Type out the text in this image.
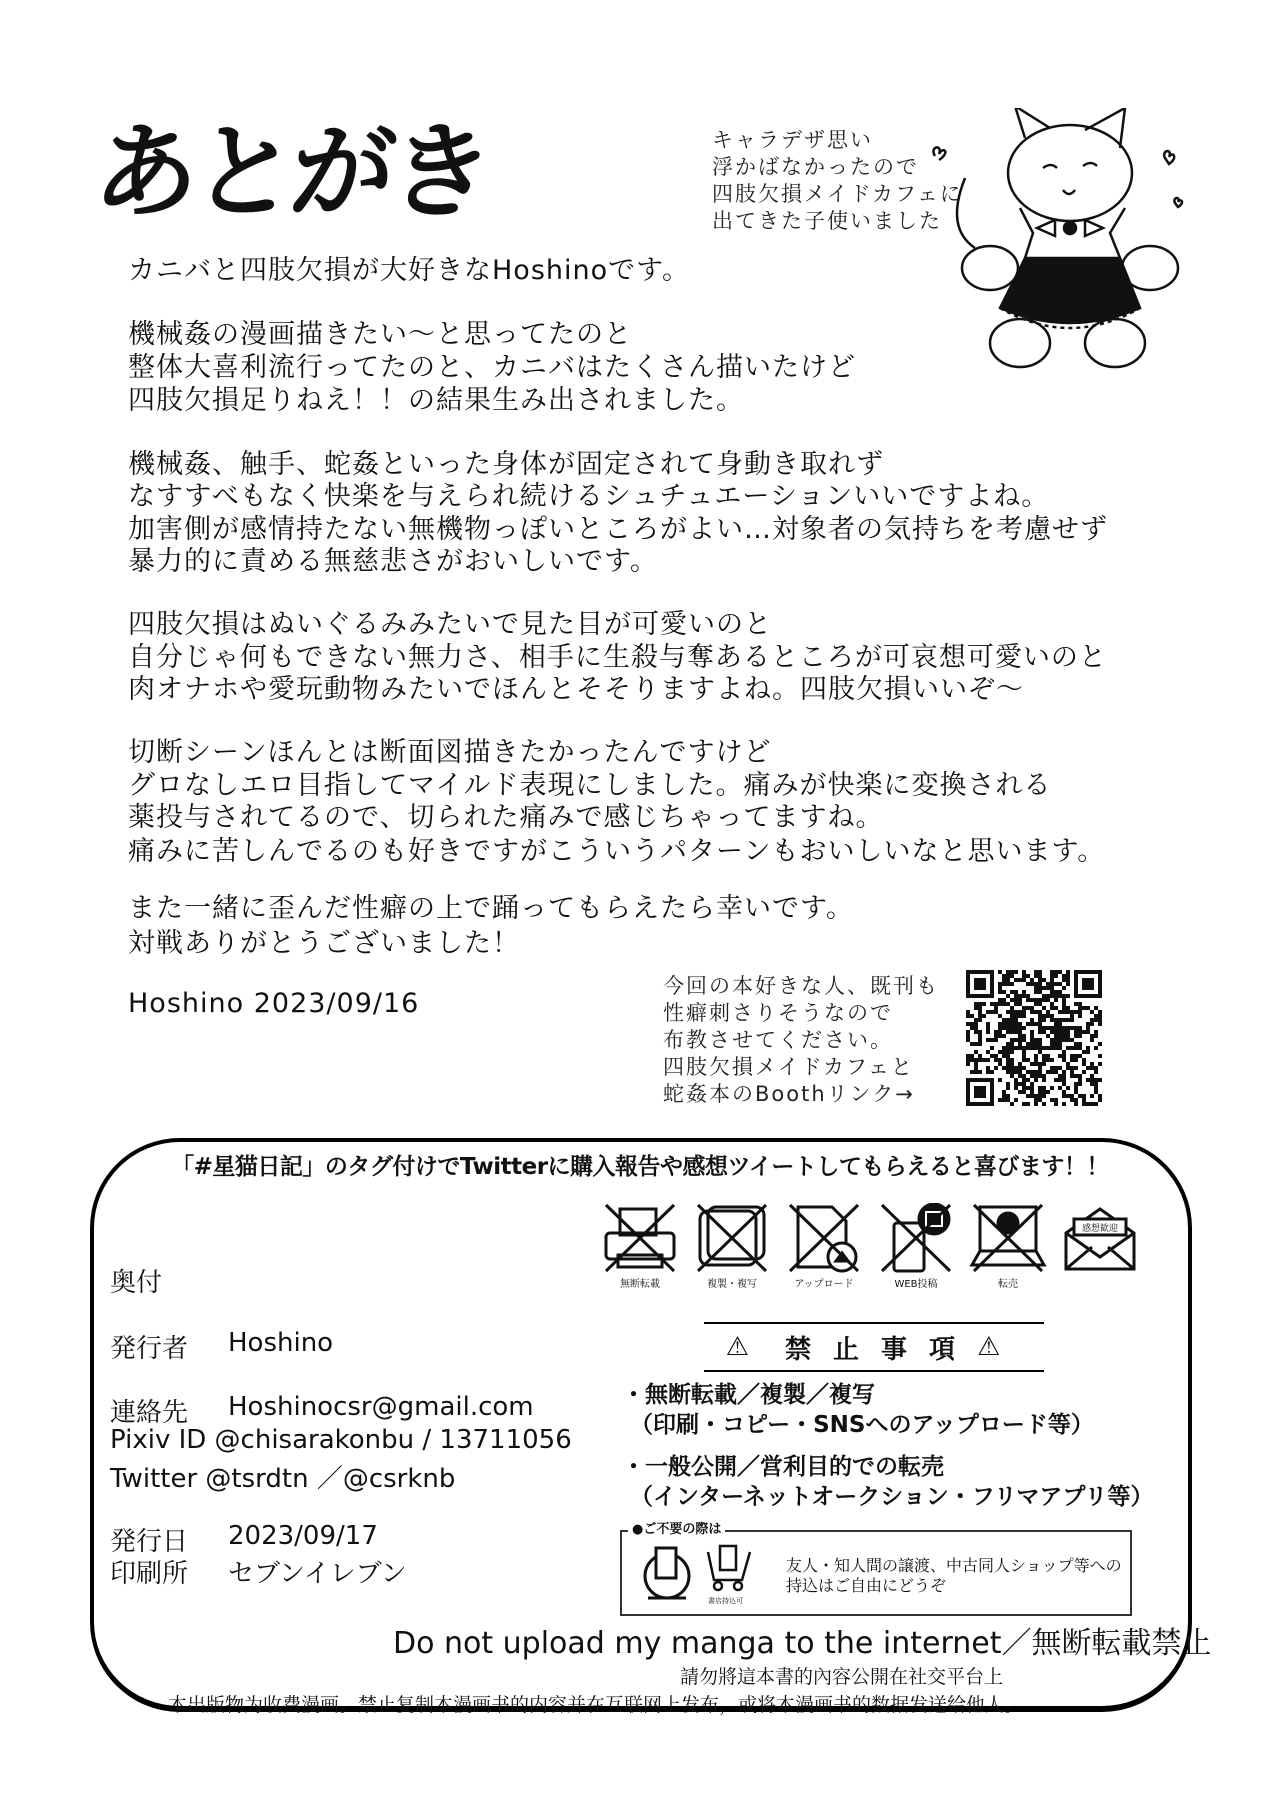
あとがき	キャラデザ思い
浮かばなかったので
四肢欠損メイドカフェに
出てきた子使いました
カニバと四肢欠損が大好きなHoshinoです。
機械姦の漫画描きたい〜と思ってたのと
整体大喜利流行ってたのと、カニバはたくさん描いたけど
四肢欠損足りねえ！！の結果生み出されました。
機械姦、触手、蛇姦といった身体が固定されて身動き取れず
なすすべもなく快楽を与えられ続けるシュチュエーションいいですよね。
加害側が感情持たない無機物っぽいところがよい…対象者の気持ちを考慮せず
暴力的に責める無慈悲さがおいしいです。
四肢欠損はぬいぐるみみたいで見た目が可愛いのと
自分じゃ何もできない無力さ、相手に生殺与奪あるところが可哀想可愛いのと
肉オナホや愛玩動物みたいでほんとそそりますよね。四肢欠損いいぞ〜
切断シーンほんとは断面図描きたかったんですけど
グロなしエロ目指してマイルド表現にしました。痛みが快楽に変換される
薬投与されてるので、切られた痛みで感じちゃってますね。
痛みに苦しんでるのも好きですがこういうパターンもおいしいなと思います。
また一緒に歪んだ性癖の上で踊ってもらえたら幸いです。
対戦ありがとうございました！
Hoshino 2023/09/16
今回の本好きな人、既刊も
性癖刺さりそうなので
布教させてください。
四肢欠損メイドカフェと
蛇姦本のBoothリンク→
「#星猫日記」のタグ付けでTwitterに購入報告や感想ツイートしてもらえると喜びます！！
無断転載	複製・複写	アップロード	WEB投稿	転売
感想歓迎
奥付
発行者 Hoshino
連絡先 Hoshinocsr@gmail.com
Pixiv ID @chisarakonbu / 13711056
Twitter @tsrdtn ／@csrknb
発行日 2023/09/17
印刷所 セブンイレブン
⚠ 禁止事項 ⚠
・無断転載／複製／複写
（印刷・コピー・SNSへのアップロード等）
・一般公開／営利目的での転売
（インターネットオークション・フリマアプリ等）
●ご不要の際は
書店持込可
友人・知人間の譲渡、中古同人ショップ等への
持込はご自由にどうぞ
Do not upload my manga to the internet／無断転載禁止
請勿將這本書的內容公開在社交平台上
本出版物为收费漫画。禁止复制本漫画书的内容并在互联网上发布，或将本漫画书的数据发送给他人。
